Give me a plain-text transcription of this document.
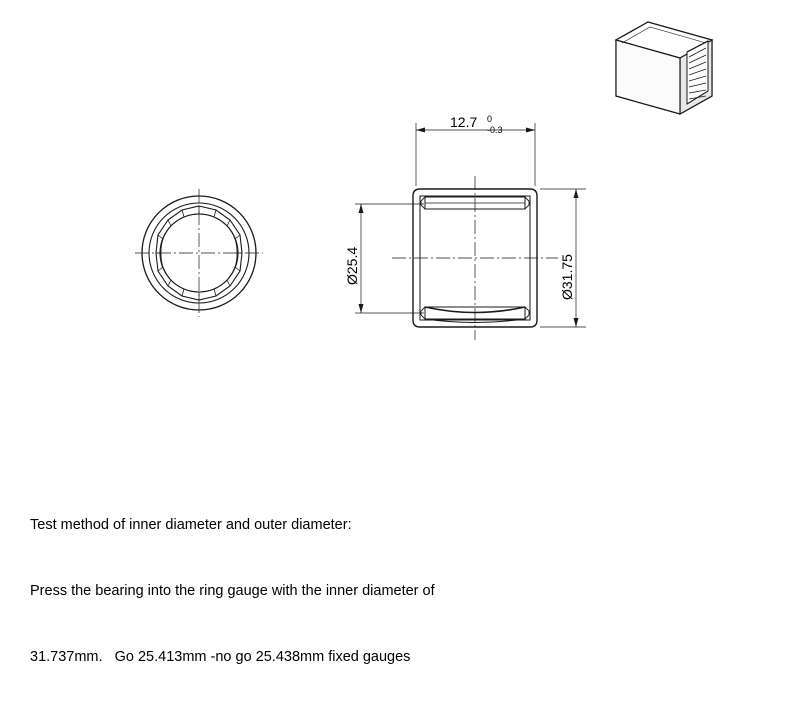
12.7 0
-0.3
Ø25.4	Ø31.75

Test method of inner diameter and outer diameter:

Press the bearing into the ring gauge with the inner diameter of

31.737mm.   Go 25.413mm -no go 25.438mm fixed gauges
